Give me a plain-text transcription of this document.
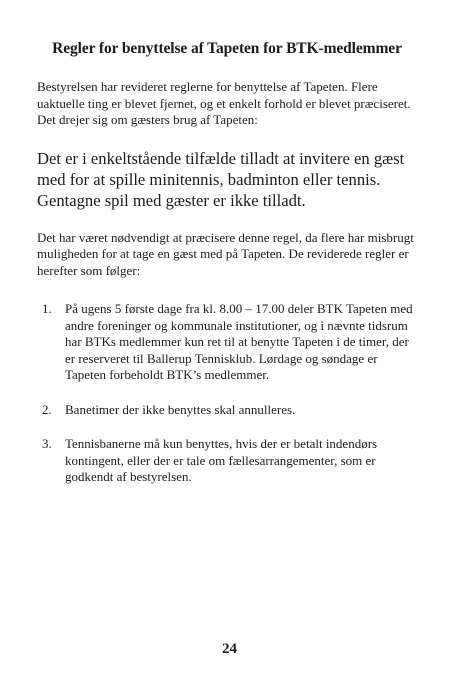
Regler for benyttelse af Tapeten for BTK-medlemmer

Bestyrelsen har revideret reglerne for benyttelse af Tapeten. Flere uaktuelle ting er blevet fjernet, og et enkelt forhold er blevet præciseret. Det drejer sig om gæsters brug af Tapeten:

Det er i enkeltstående tilfælde tilladt at invitere en gæst med for at spille minitennis, badminton eller tennis. Gentagne spil med gæster er ikke tilladt.

Det har været nødvendigt at præcisere denne regel, da flere har misbrugt muligheden for at tage en gæst med på Tapeten. De reviderede regler er herefter som følger:

1.	På ugens 5 første dage fra kl. 8.00 – 17.00 deler BTK Tapeten med andre foreninger og kommunale institutioner, og i nævnte tidsrum har BTKs medlemmer kun ret til at benytte Tapeten i de timer, der er reserveret til Ballerup Tennisklub. Lørdage og søndage er Tapeten forbeholdt BTK’s medlemmer.
2.	Banetimer der ikke benyttes skal annulleres.
3.	Tennisbanerne må kun benyttes, hvis der er betalt indendørs kontingent, eller der er tale om fællesarrangementer, som er godkendt af bestyrelsen.
24
